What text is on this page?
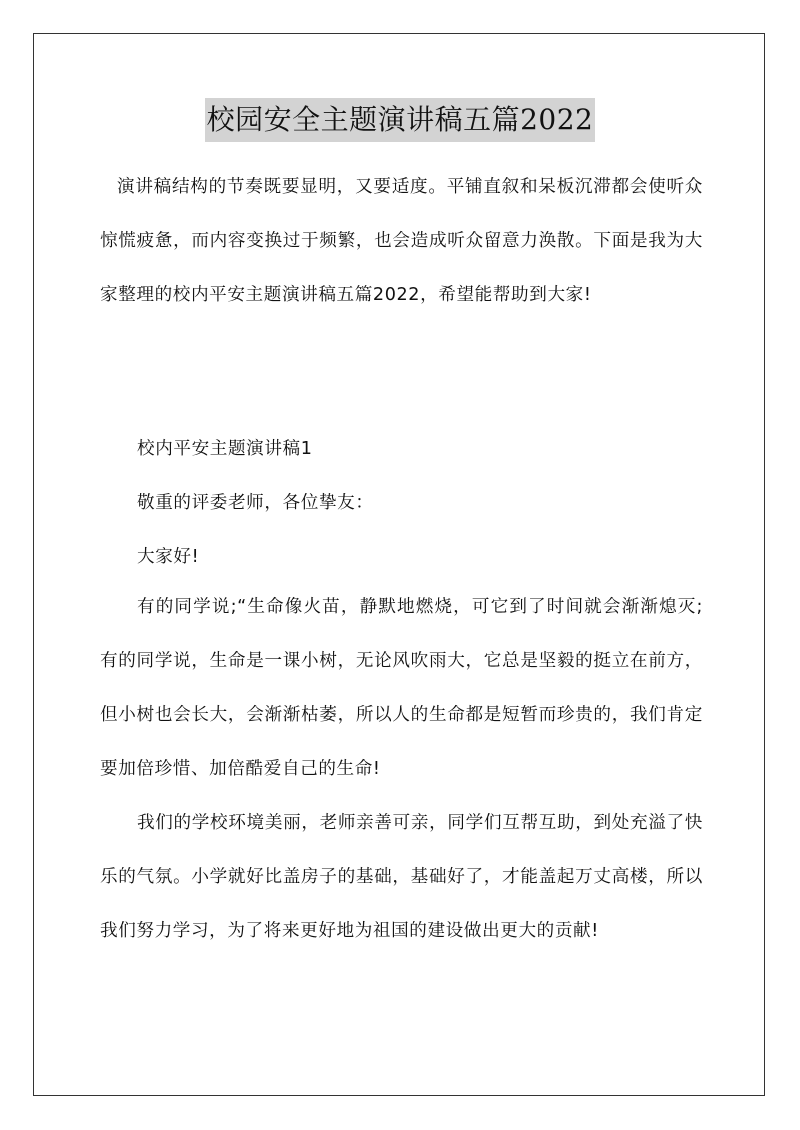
校园安全主题演讲稿五篇2022

演讲稿结构的节奏既要显明，又要适度。平铺直叙和呆板沉滞都会使听众惊慌疲惫，而内容变换过于频繁，也会造成听众留意力涣散。下面是我为大家整理的校内平安主题演讲稿五篇2022，希望能帮助到大家!

校内平安主题演讲稿1

敬重的评委老师，各位挚友：

大家好!

有的同学说;“生命像火苗，静默地燃烧，可它到了时间就会渐渐熄灭;有的同学说，生命是一课小树，无论风吹雨大，它总是坚毅的挺立在前方，但小树也会长大，会渐渐枯萎，所以人的生命都是短暂而珍贵的，我们肯定要加倍珍惜、加倍酷爱自己的生命!

我们的学校环境美丽，老师亲善可亲，同学们互帮互助，到处充溢了快乐的气氛。小学就好比盖房子的基础，基础好了，才能盖起万丈高楼，所以我们努力学习，为了将来更好地为祖国的建设做出更大的贡献!
